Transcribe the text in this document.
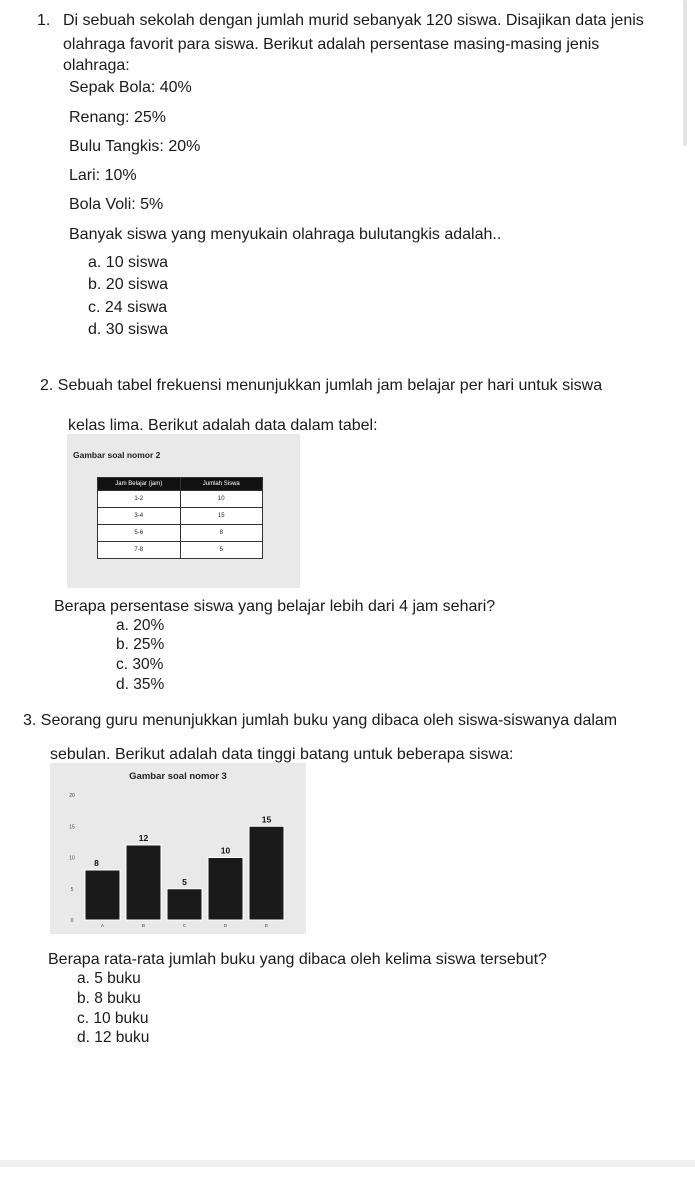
1. Di sebuah sekolah dengan jumlah murid sebanyak 120 siswa. Disajikan data jenis
olahraga favorit para siswa. Berikut adalah persentase masing-masing jenis
olahraga:
Sepak Bola: 40%
Renang: 25%
Bulu Tangkis: 20%
Lari: 10%
Bola Voli: 5%
Banyak siswa yang menyukain olahraga bulutangkis adalah..
a. 10 siswa
b. 20 siswa
c. 24 siswa
d. 30 siswa
2. Sebuah tabel frekuensi menunjukkan jumlah jam belajar per hari untuk siswa
kelas lima. Berikut adalah data dalam tabel:
Gambar soal nomor 2
Jam Belajar (jam)	Jumlah Siswa
1-2	10
3-4	15
5-6	8
7-8	5
Berapa persentase siswa yang belajar lebih dari 4 jam sehari?
a. 20%
b. 25%
c. 30%
d. 35%
3. Seorang guru menunjukkan jumlah buku yang dibaca oleh siswa-siswanya dalam
sebulan. Berikut adalah data tinggi batang untuk beberapa siswa:
Gambar soal nomor 3
0
5
10
15
20
8
A
12
B
5
C
10
D
15
E
Berapa rata-rata jumlah buku yang dibaca oleh kelima siswa tersebut?
a. 5 buku
b. 8 buku
c. 10 buku
d. 12 buku
